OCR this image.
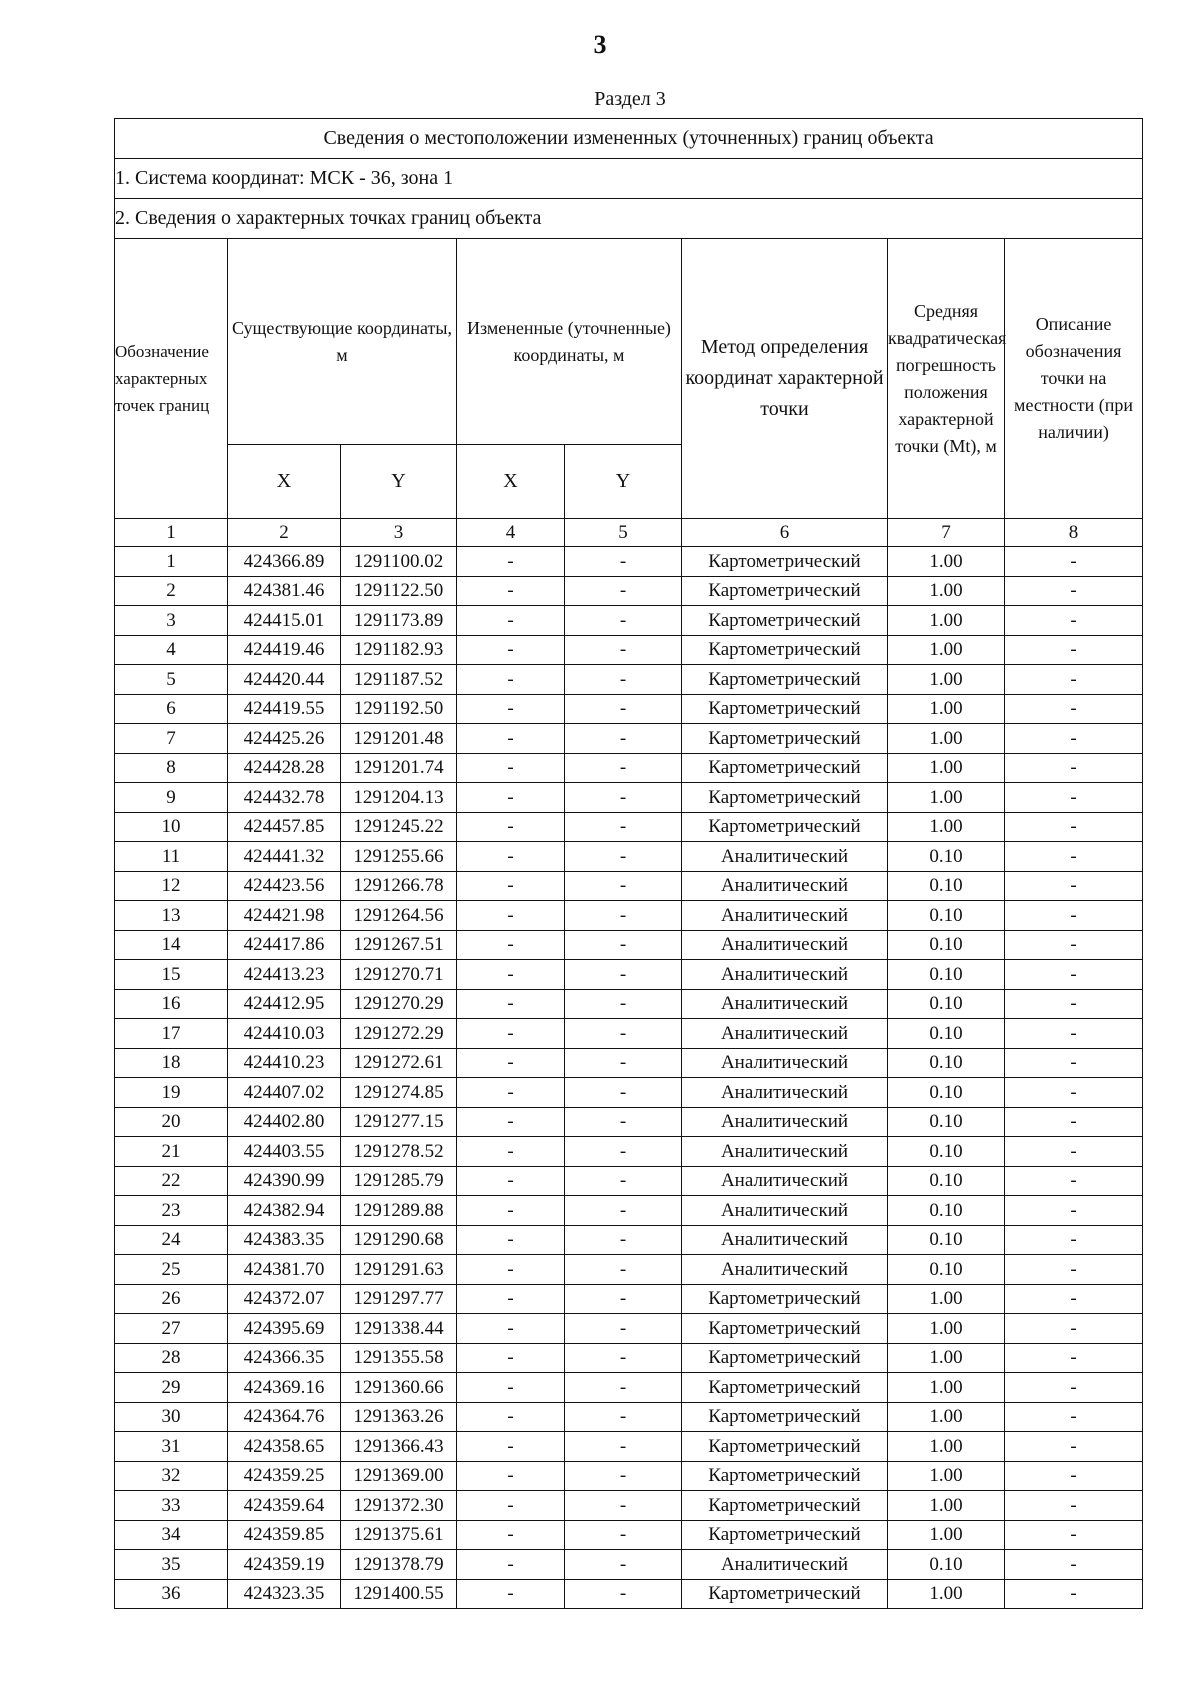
3
Раздел 3
Сведения о местоположении измененных (уточненных) границ объекта							
1. Система координат: МСК - 36, зона 1							
2. Сведения о характерных точках границ объекта							
Обозначение характерных точек границ	Существующие координаты, м		Измененные (уточненные) координаты, м		Метод определения координат характерной точки	Средняя квадратическая погрешность положения характерной точки (Mt), м	Описание обозначения точки на местности (при наличии)
	X	Y	X	Y			
1	2	3	4	5	6	7	8
1	424366.89	1291100.02	-	-	Картометрический	1.00	-
2	424381.46	1291122.50	-	-	Картометрический	1.00	-
3	424415.01	1291173.89	-	-	Картометрический	1.00	-
4	424419.46	1291182.93	-	-	Картометрический	1.00	-
5	424420.44	1291187.52	-	-	Картометрический	1.00	-
6	424419.55	1291192.50	-	-	Картометрический	1.00	-
7	424425.26	1291201.48	-	-	Картометрический	1.00	-
8	424428.28	1291201.74	-	-	Картометрический	1.00	-
9	424432.78	1291204.13	-	-	Картометрический	1.00	-
10	424457.85	1291245.22	-	-	Картометрический	1.00	-
11	424441.32	1291255.66	-	-	Аналитический	0.10	-
12	424423.56	1291266.78	-	-	Аналитический	0.10	-
13	424421.98	1291264.56	-	-	Аналитический	0.10	-
14	424417.86	1291267.51	-	-	Аналитический	0.10	-
15	424413.23	1291270.71	-	-	Аналитический	0.10	-
16	424412.95	1291270.29	-	-	Аналитический	0.10	-
17	424410.03	1291272.29	-	-	Аналитический	0.10	-
18	424410.23	1291272.61	-	-	Аналитический	0.10	-
19	424407.02	1291274.85	-	-	Аналитический	0.10	-
20	424402.80	1291277.15	-	-	Аналитический	0.10	-
21	424403.55	1291278.52	-	-	Аналитический	0.10	-
22	424390.99	1291285.79	-	-	Аналитический	0.10	-
23	424382.94	1291289.88	-	-	Аналитический	0.10	-
24	424383.35	1291290.68	-	-	Аналитический	0.10	-
25	424381.70	1291291.63	-	-	Аналитический	0.10	-
26	424372.07	1291297.77	-	-	Картометрический	1.00	-
27	424395.69	1291338.44	-	-	Картометрический	1.00	-
28	424366.35	1291355.58	-	-	Картометрический	1.00	-
29	424369.16	1291360.66	-	-	Картометрический	1.00	-
30	424364.76	1291363.26	-	-	Картометрический	1.00	-
31	424358.65	1291366.43	-	-	Картометрический	1.00	-
32	424359.25	1291369.00	-	-	Картометрический	1.00	-
33	424359.64	1291372.30	-	-	Картометрический	1.00	-
34	424359.85	1291375.61	-	-	Картометрический	1.00	-
35	424359.19	1291378.79	-	-	Аналитический	0.10	-
36	424323.35	1291400.55	-	-	Картометрический	1.00	-
